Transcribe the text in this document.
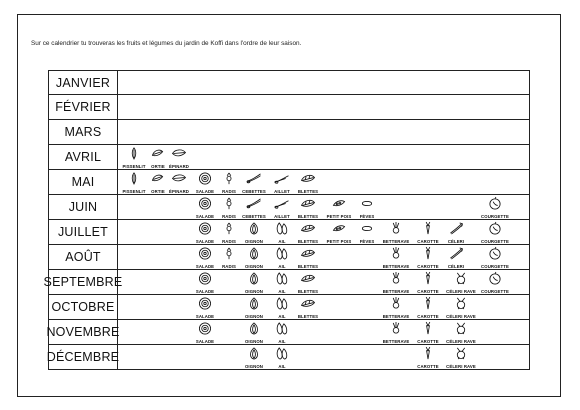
Sur ce calendrier tu trouveras les fruits et légumes du jardin de Koffi dans l'ordre de leur saison.
JANVIER
FÉVRIER
MARS
AVRIL
PISSENLIT ORTIE ÉPINARD
MAI
PISSENLIT ORTIE ÉPINARD SALADE RADIS CEBETTES AILLET BLETTES
JUIN
SALADE RADIS CEBETTES AILLET BLETTES PETIT POIS FÈVES	COURGETTE
JUILLET
SALADE RADIS OIGNON	AIL	BLETTES PETIT POIS FÈVES BETTERAVE CAROTTE CÉLERI	COURGETTE
AOÛT
SALADE RADIS OIGNON	AIL	BLETTES	BETTERAVE CAROTTE CÉLERI	COURGETTE
SEPTEMBRE
SALADE	OIGNON	AIL	BLETTES	BETTERAVE CAROTTE CÉLERI RAVE COURGETTE
OCTOBRE
SALADE	OIGNON	AIL	BLETTES	BETTERAVE CAROTTE CÉLERI RAVE
NOVEMBRE
SALADE	OIGNON	AIL	BETTERAVE CAROTTE CÉLERI RAVE
DÉCEMBRE
OIGNON	AIL	CAROTTE CÉLERI RAVE
